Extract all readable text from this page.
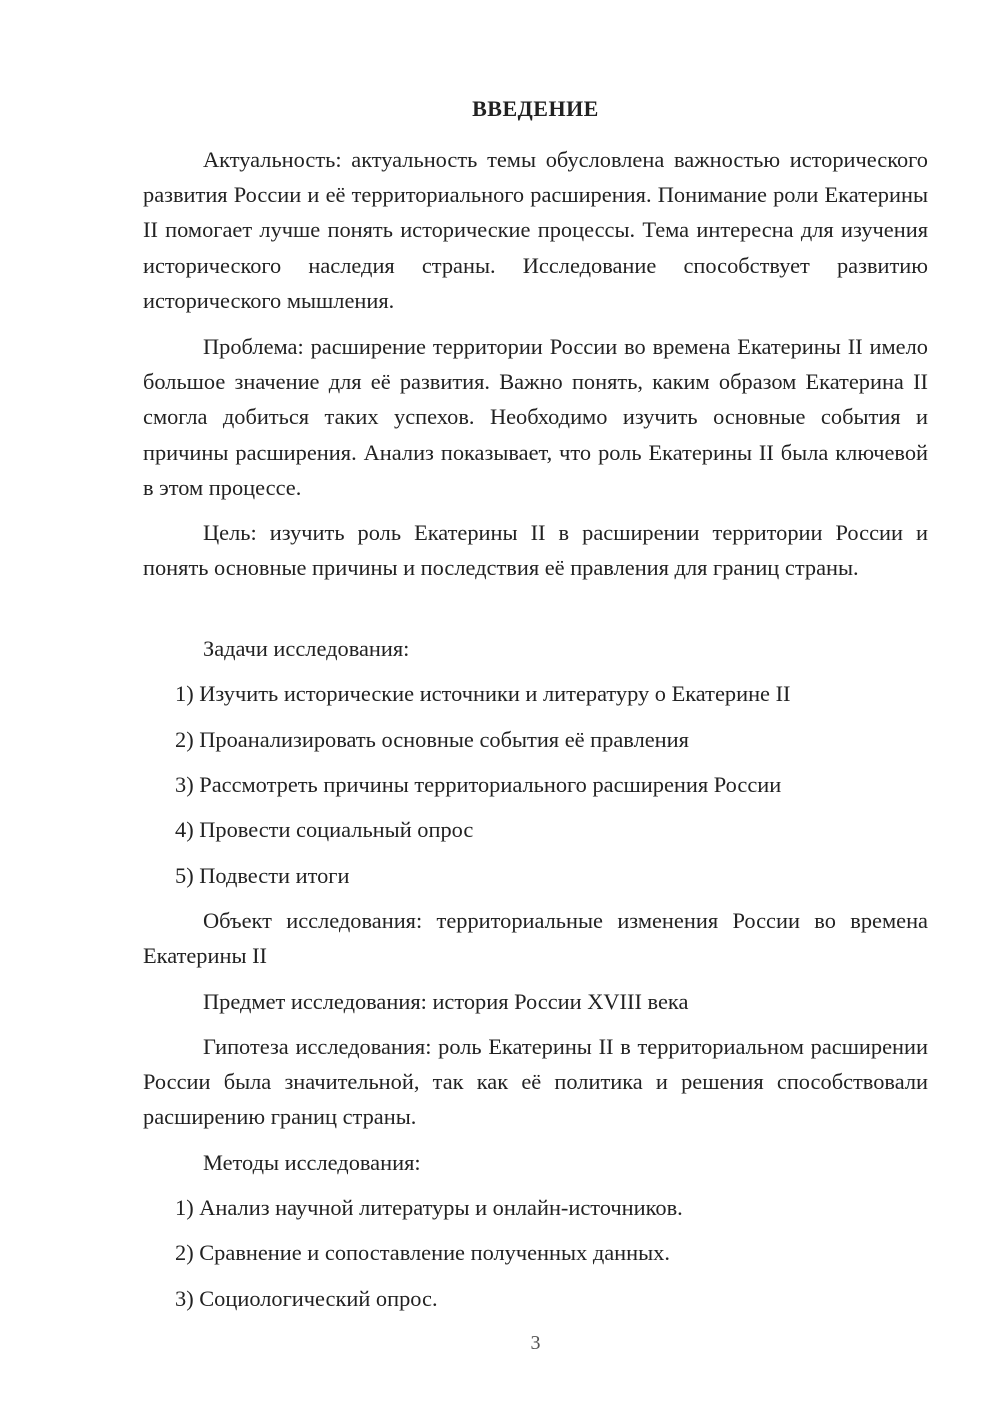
ВВЕДЕНИЕ

Актуальность: актуальность темы обусловлена важностью исторического развития России и её территориального расширения. Понимание роли Екатерины II помогает лучше понять исторические процессы. Тема интересна для изучения исторического наследия страны. Исследование способствует развитию исторического мышления.

Проблема: расширение территории России во времена Екатерины II имело большое значение для её развития. Важно понять, каким образом Екатерина II смогла добиться таких успехов. Необходимо изучить основные события и причины расширения. Анализ показывает, что роль Екатерины II была ключевой в этом процессе.

Цель: изучить роль Екатерины II в расширении территории России и понять основные причины и последствия её правления для границ страны.

Задачи исследования:

1) Изучить исторические источники и литературу о Екатерине II

2) Проанализировать основные события её правления

3) Рассмотреть причины территориального расширения России

4) Провести социальный опрос

5) Подвести итоги

Объект исследования: территориальные изменения России во времена Екатерины II

Предмет исследования: история России XVIII века

Гипотеза исследования: роль Екатерины II в территориальном расширении России была значительной, так как её политика и решения способствовали расширению границ страны.

Методы исследования:

1) Анализ научной литературы и онлайн-источников.

2) Сравнение и сопоставление полученных данных.

3) Социологический опрос.

3
